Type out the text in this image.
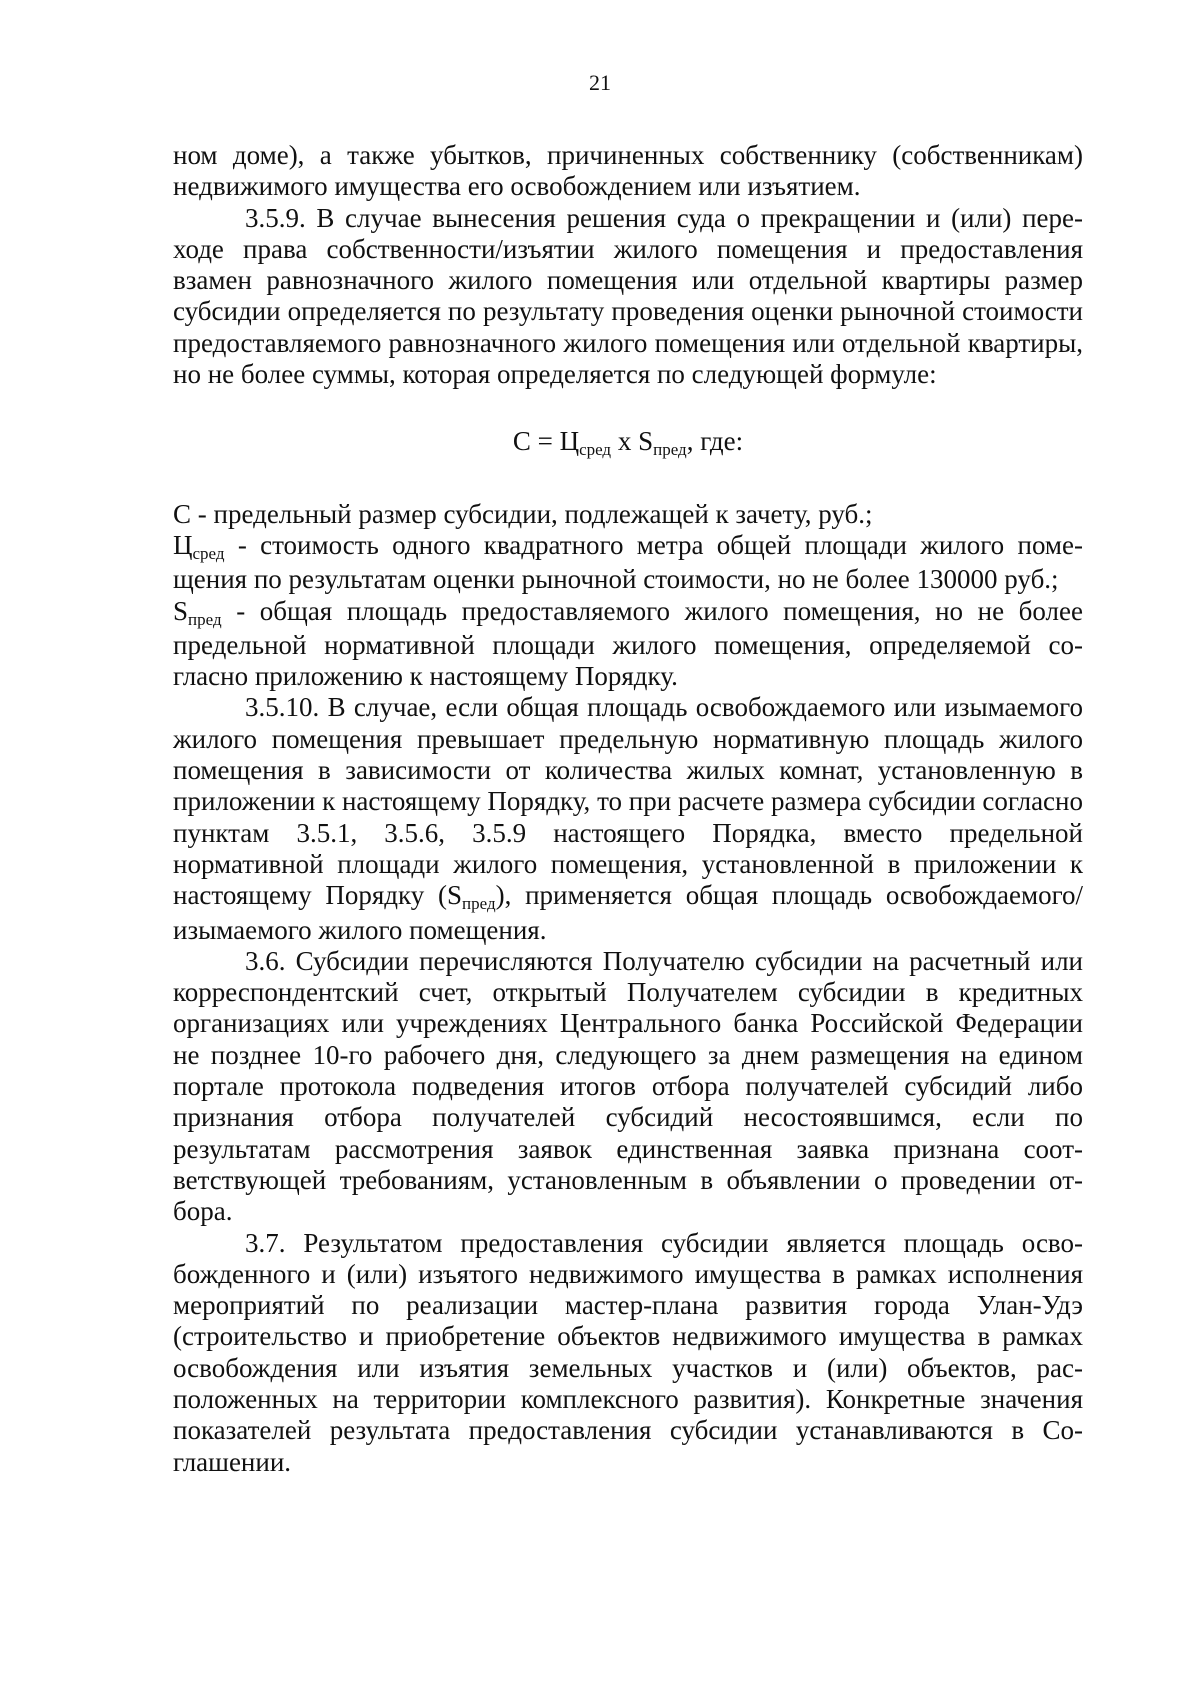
21

ном доме), а также убытков, причиненных собственнику (собственникам) недвижимого имущества его освобождением или изъятием.

3.5.9. В случае вынесения решения суда о прекращении и (или) переходе права собственности/изъятии жилого помещения и предоставления взамен равнозначного жилого помещения или отдельной квартиры размер субсидии определяется по результату проведения оценки рыночной стоимости предоставляемого равнозначного жилого помещения или отдельной квартиры, но не более суммы, которая определяется по следующей формуле:

С = Цсред х Sпред, где:

С - предельный размер субсидии, подлежащей к зачету, руб.;

Цсред - стоимость одного квадратного метра общей площади жилого помещения по результатам оценки рыночной стоимости, но не более 130000 руб.;

Sпред - общая площадь предоставляемого жилого помещения, но не более предельной нормативной площади жилого помещения, определяемой согласно приложению к настоящему Порядку.

3.5.10. В случае, если общая площадь освобождаемого или изымаемого жилого помещения превышает предельную нормативную площадь жилого помещения в зависимости от количества жилых комнат, установленную в приложении к настоящему Порядку, то при расчете размера субсидии согласно пунктам 3.5.1, 3.5.6, 3.5.9 настоящего Порядка, вместо предельной нормативной площади жилого помещения, установленной в приложении к настоящему Порядку (Sпред), применяется общая площадь освобождаемого/изымаемого жилого помещения.

3.6. Субсидии перечисляются Получателю субсидии на расчетный или корреспондентский счет, открытый Получателем субсидии в кредитных организациях или учреждениях Центрального банка Российской Федерации не позднее 10-го рабочего дня, следующего за днем размещения на едином портале протокола подведения итогов отбора получателей субсидий либо признания отбора получателей субсидий несостоявшимся, если по результатам рассмотрения заявок единственная заявка признана соответствующей требованиям, установленным в объявлении о проведении отбора.

3.7. Результатом предоставления субсидии является площадь освобожденного и (или) изъятого недвижимого имущества в рамках исполнения мероприятий по реализации мастер-плана развития города Улан-Удэ (строительство и приобретение объектов недвижимого имущества в рамках освобождения или изъятия земельных участков и (или) объектов, расположенных на территории комплексного развития). Конкретные значения показателей результата предоставления субсидии устанавливаются в Соглашении.
